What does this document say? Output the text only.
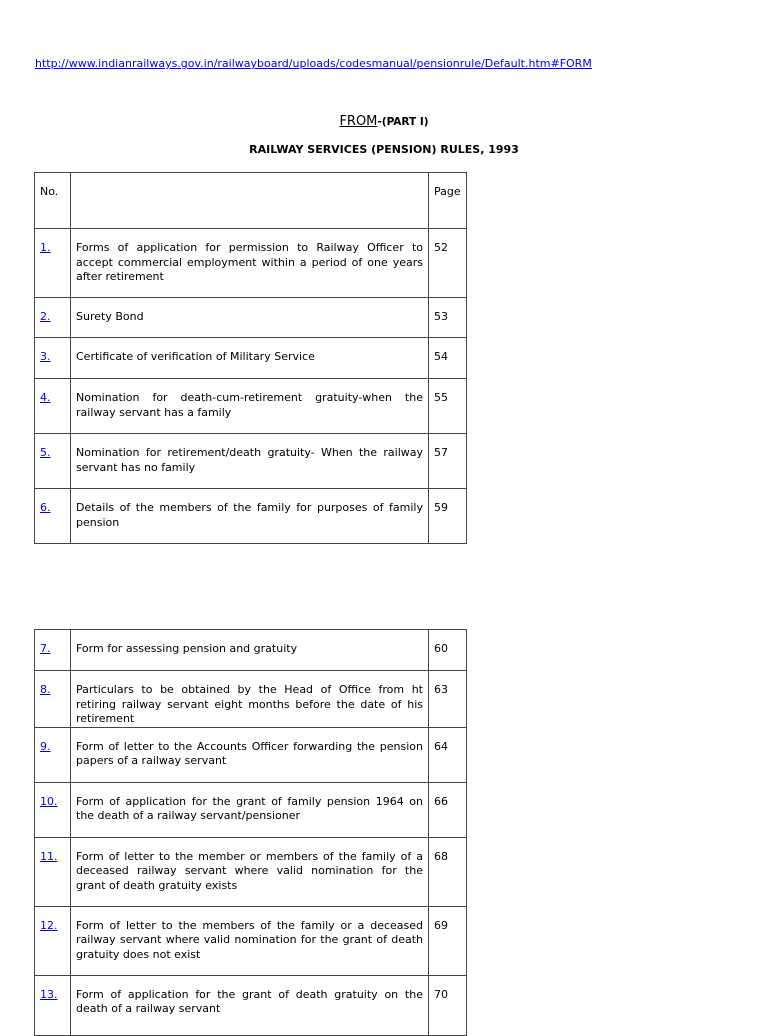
http://www.indianrailways.gov.in/railwayboard/uploads/codesmanual/pensionrule/Default.htm#FORM
FROM-(PART I)
RAILWAY SERVICES (PENSION) RULES, 1993
No.		Page
1.	Forms of application for permission to Railway Officer to accept commercial employment within a period of one years after retirement	52
2.	Surety Bond	53
3.	Certificate of verification of Military Service	54
4.	Nomination for death-cum-retirement gratuity-when the railway servant has a family	55
5.	Nomination for retirement/death gratuity- When the railway servant has no family	57
6.	Details of the members of the family for purposes of family pension	59
7.	Form for assessing pension and gratuity	60
8.	Particulars to be obtained by the Head of Office from ht retiring railway servant eight months before the date of his retirement	63
9.	Form of letter to the Accounts Officer forwarding the pension papers of a railway servant	64
10.	Form of application for the grant of family pension 1964 on the death of a railway servant/pensioner	66
11.	Form of letter to the member or members of the family of a deceased railway servant where valid nomination for the grant of death gratuity exists	68
12.	Form of letter to the members of the family or a deceased railway servant where valid nomination for the grant of death gratuity does not exist	69
13.	Form of application for the grant of death gratuity on the death of a railway servant	70
